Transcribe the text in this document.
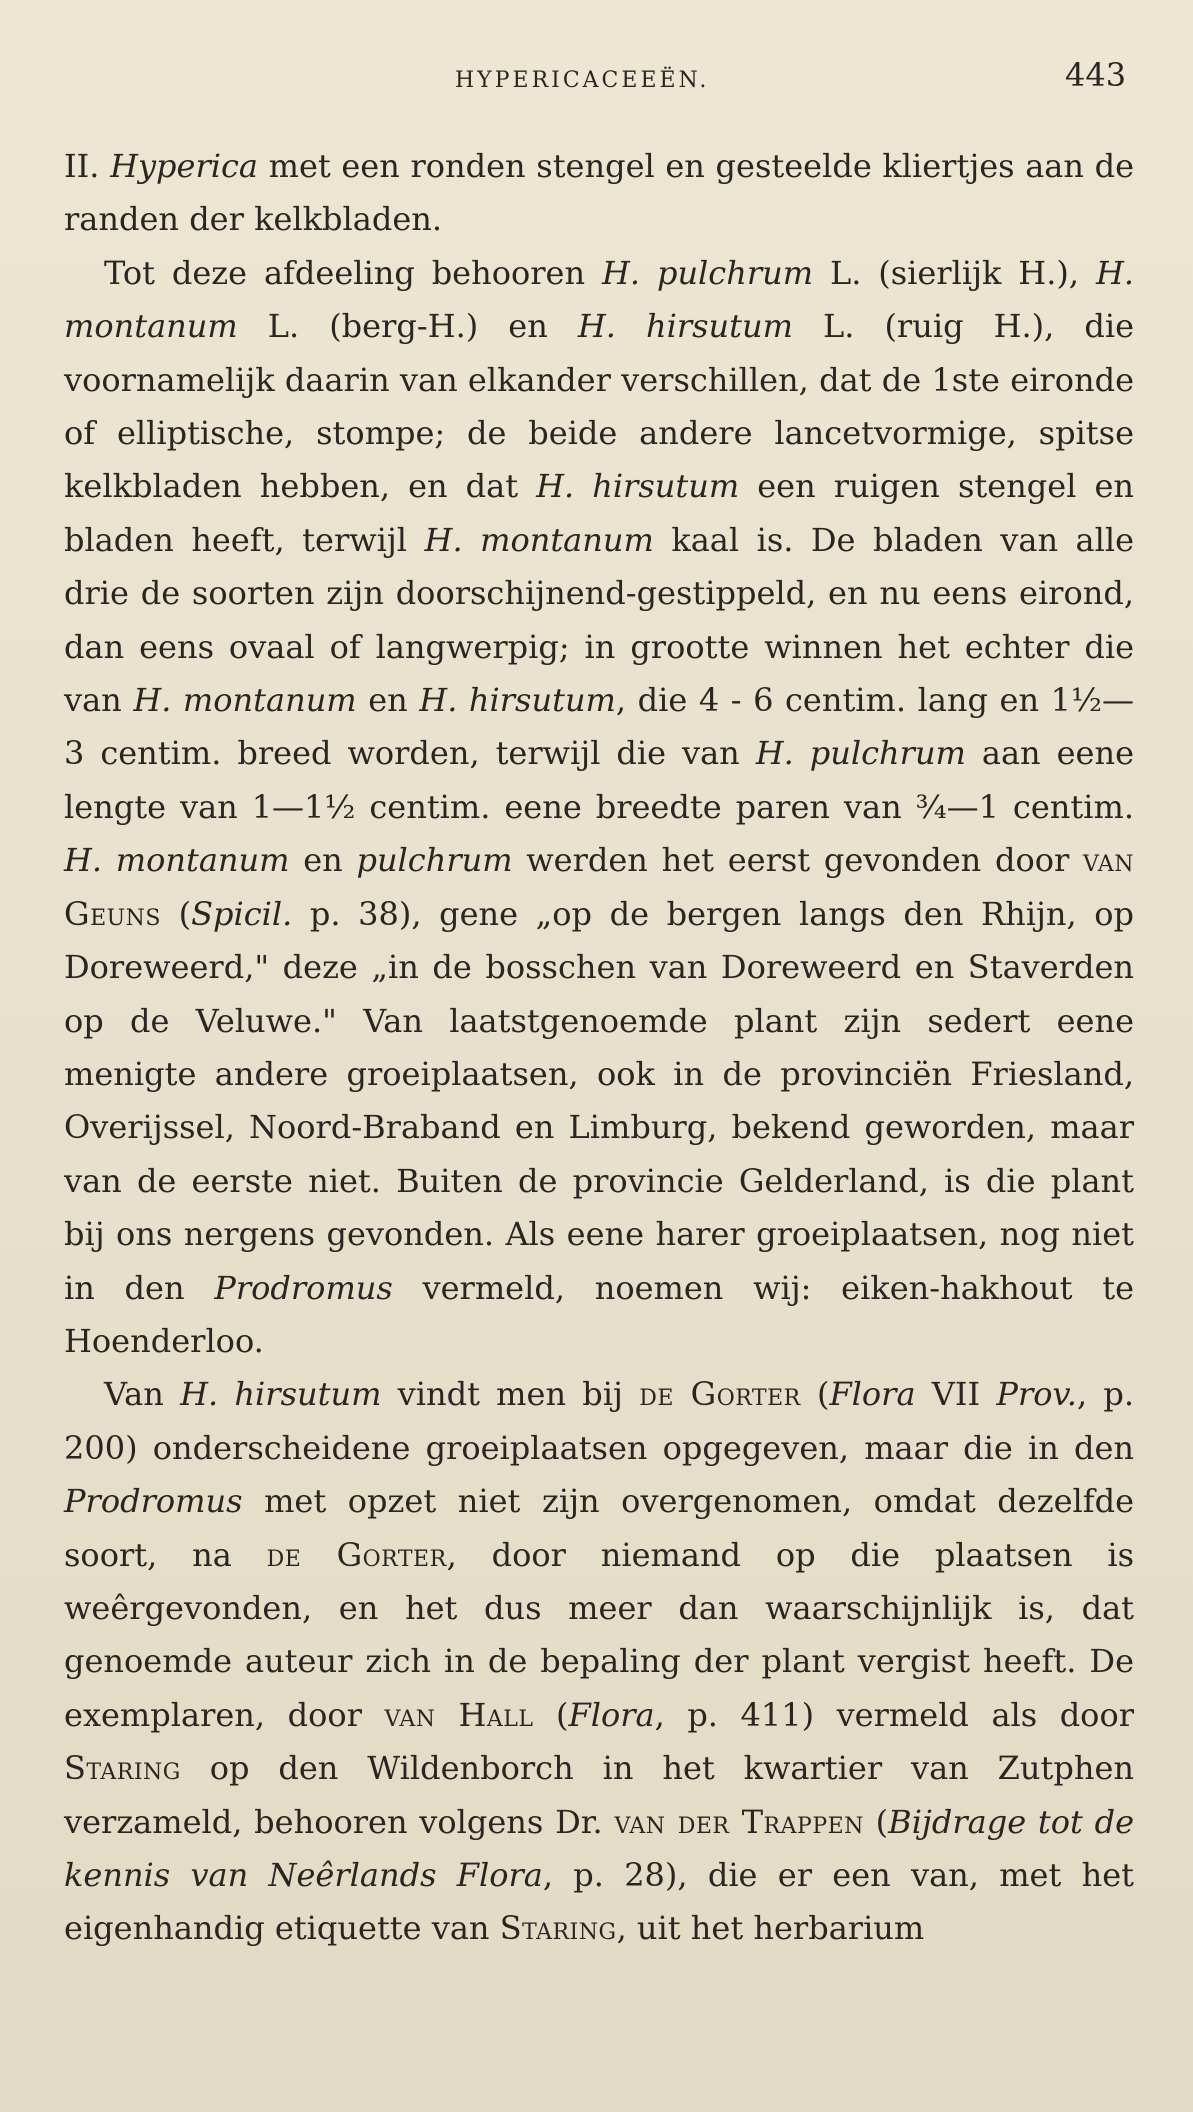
HYPERICACEEËN.	443

II. Hyperica met een ronden stengel en gesteelde kliertjes aan de randen der kelkbladen.

Tot deze afdeeling behooren H. pulchrum L. (sierlijk H.), H. montanum L. (berg-H.) en H. hirsutum L. (ruig H.), die voornamelijk daarin van elkander verschillen, dat de 1ste eironde of elliptische, stompe; de beide andere lancetvormige, spitse kelkbladen hebben, en dat H. hirsutum een ruigen stengel en bladen heeft, terwijl H. montanum kaal is. De bladen van alle drie de soorten zijn doorschijnend-gestippeld, en nu eens eirond, dan eens ovaal of langwerpig; in grootte winnen het echter die van H. montanum en H. hirsutum, die 4 - 6 centim. lang en 1½—3 centim. breed worden, terwijl die van H. pulchrum aan eene lengte van 1—1½ centim. eene breedte paren van ¾—1 centim. H. montanum en pulchrum werden het eerst gevonden door van Geuns (Spicil. p. 38), gene „op de bergen langs den Rhijn, op Doreweerd," deze „in de bosschen van Doreweerd en Staverden op de Veluwe." Van laatstgenoemde plant zijn sedert eene menigte andere groeiplaatsen, ook in de provinciën Friesland, Overijssel, Noord-Braband en Limburg, bekend geworden, maar van de eerste niet. Buiten de provincie Gelderland, is die plant bij ons nergens gevonden. Als eene harer groeiplaatsen, nog niet in den Prodromus vermeld, noemen wij: eiken-hakhout te Hoenderloo.

Van H. hirsutum vindt men bij de Gorter (Flora VII Prov., p. 200) onderscheidene groeiplaatsen opgegeven, maar die in den Prodromus met opzet niet zijn overgenomen, omdat dezelfde soort, na de Gorter, door niemand op die plaatsen is weêrgevonden, en het dus meer dan waarschijnlijk is, dat genoemde auteur zich in de bepaling der plant vergist heeft. De exemplaren, door van Hall (Flora, p. 411) vermeld als door Staring op den Wildenborch in het kwartier van Zutphen verzameld, behooren volgens Dr. van der Trappen (Bijdrage tot de kennis van Neêrlands Flora, p. 28), die er een van, met het eigenhandig etiquette van Staring, uit het herbarium
